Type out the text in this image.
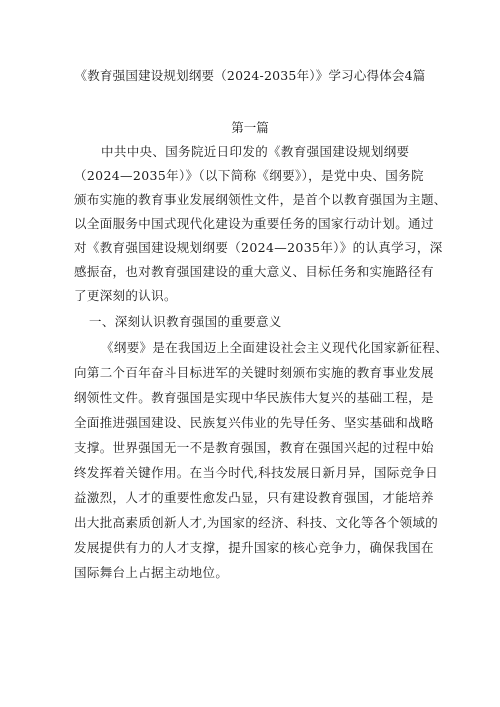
《教育强国建设规划纲要（2024-2035年）》学习心得体会4篇
第一篇
中共中央、国务院近日印发的《教育强国建设规划纲要
（2024—2035年）》（以下简称《纲要》），是党中央、国务院
颁布实施的教育事业发展纲领性文件，是首个以教育强国为主题、
以全面服务中国式现代化建设为重要任务的国家行动计划。通过
对《教育强国建设规划纲要（2024—2035年）》的认真学习，深
感振奋，也对教育强国建设的重大意义、目标任务和实施路径有
了更深刻的认识。
一、深刻认识教育强国的重要意义
《纲要》是在我国迈上全面建设社会主义现代化国家新征程、
向第二个百年奋斗目标进军的关键时刻颁布实施的教育事业发展
纲领性文件。教育强国是实现中华民族伟大复兴的基础工程，是
全面推进强国建设、民族复兴伟业的先导任务、坚实基础和战略
支撑。世界强国无一不是教育强国，教育在强国兴起的过程中始
终发挥着关键作用。在当今时代,科技发展日新月异，国际竞争日
益激烈，人才的重要性愈发凸显，只有建设教育强国，才能培养
出大批高素质创新人才,为国家的经济、科技、文化等各个领域的
发展提供有力的人才支撑，提升国家的核心竞争力，确保我国在
国际舞台上占据主动地位。
